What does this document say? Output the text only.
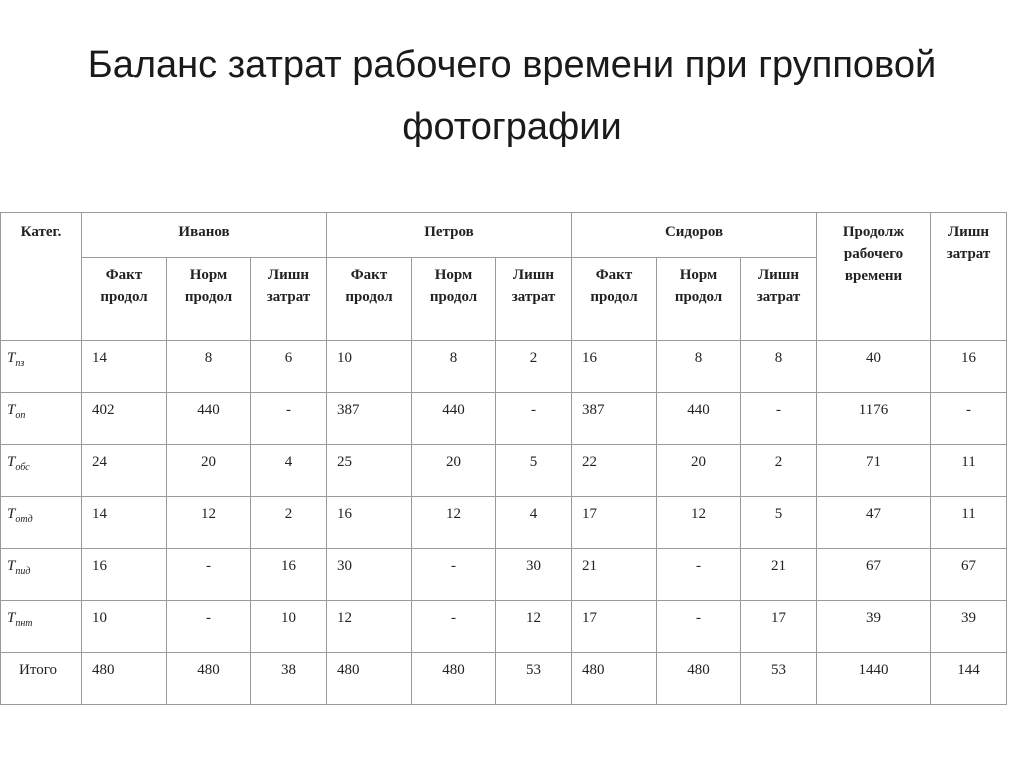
Баланс затрат рабочего времени при групповой
фотографии
Катег.	Иванов			Петров			Сидоров			Продолж рабочего времени	Лишн затрат
	Факт продол	Норм продол	Лишн затрат	Факт продол	Норм продол	Лишн затрат	Факт продол	Норм продол	Лишн затрат		
$T_{пз}$	14	8	6	10	8	2	16	8	8	40	16
$T_{оп}$	402	440	-	387	440	-	387	440	-	1176	-
$T_{обс}$	24	20	4	25	20	5	22	20	2	71	11
$T_{отд}$	14	12	2	16	12	4	17	12	5	47	11
$T_{пид}$	16	-	16	30	-	30	21	-	21	67	67
$T_{пнт}$	10	-	10	12	-	12	17	-	17	39	39
Итого	480	480	38	480	480	53	480	480	53	1440	144
